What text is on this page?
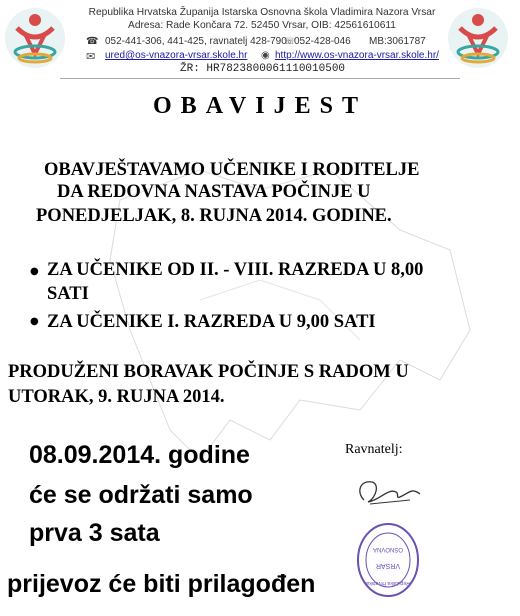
Republika Hrvatska Županija Istarska Osnovna škola Vladimira Nazora Vrsar
Adresa: Rade Končara 72. 52450 Vrsar, OIB: 42561610611
☎ 052-441-306, 441-425, ravnatelj 428-790
☏
052-428-046 MB:3061787
✉ ured@os-vnazora-vrsar.skole.hr ◉ http://www.os-vnazora-vrsar.skole.hr/
ŽR: HR7823800061110010500
OBAVIJEST
OBAVJEŠTAVAMO UČENIKE I RODITELJE
DA REDOVNA NASTAVA POČINJE U
PONEDJELJAK, 8. RUJNA 2014. GODINE.
● ZA UČENIKE OD II. - VIII. RAZREDA U 8,00
SATI
● ZA UČENIKE I. RAZREDA U 9,00 SATI
PRODUŽENI BORAVAK POČINJE S RADOM U
UTORAK, 9. RUJNA 2014.
08.09.2014. godine
će se održati samo
prva 3 sata
prijevoz će biti prilagođen
Ravnatelj:
OSNOVNA
VRSAR
Republika Hrvatska
